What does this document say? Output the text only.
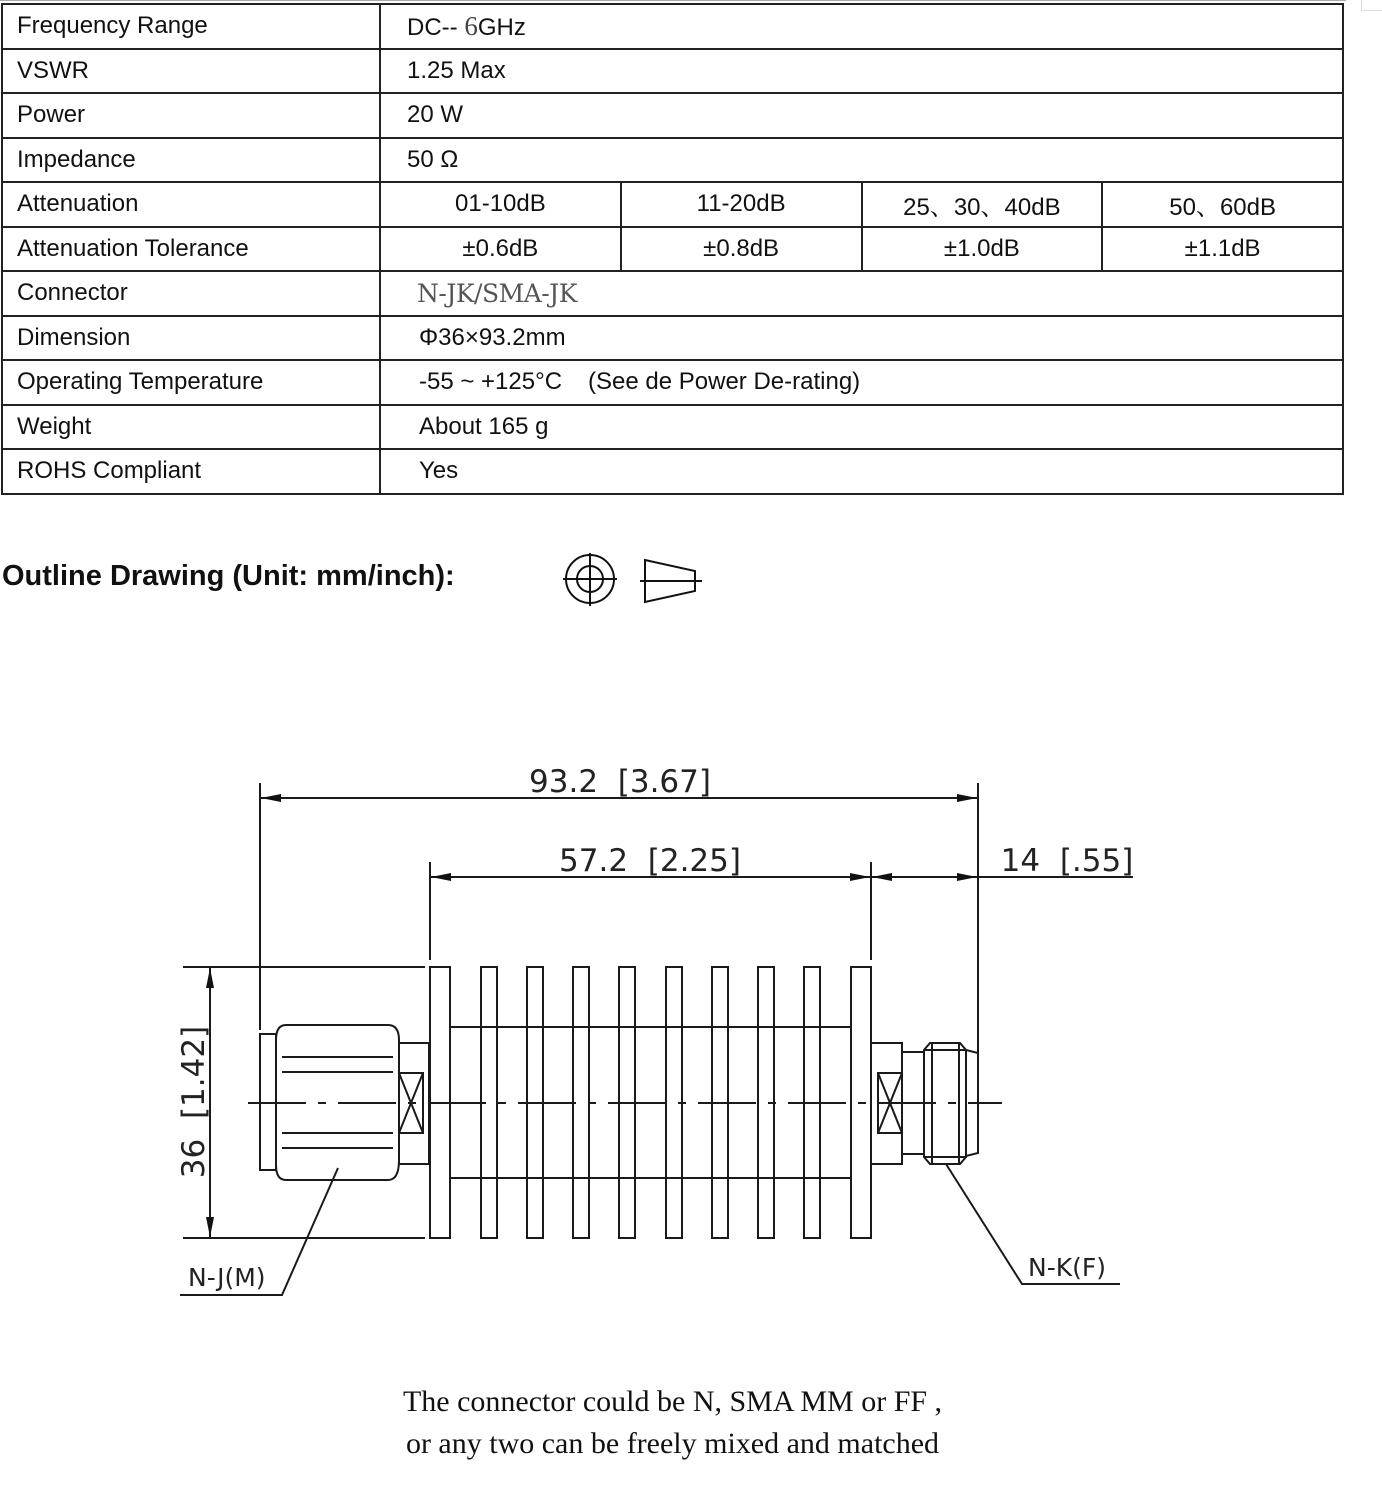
Frequency Range	DC-- 6GHz			
VSWR	1.25 Max			
Power	20 W			
Impedance	50 Ω			
Attenuation	01-10dB	11-20dB	25、30、40dB	50、60dB
Attenuation Tolerance	±0.6dB	±0.8dB	±1.0dB	±1.1dB
Connector	N-JK/SMA-JK			
Dimension	Φ36×93.2mm			
Operating Temperature	-55 ~ +125°C (See de Power De-rating)			
Weight	About 165 g			
ROHS Compliant	Yes			
Outline Drawing (Unit: mm/inch):
93.2  [3.67]
57.2  [2.25]	14  [.55]
36  [1.42]
N-J(M)	N-K(F)
The connector could be N, SMA MM or FF ,
or any two can be freely mixed and matched
